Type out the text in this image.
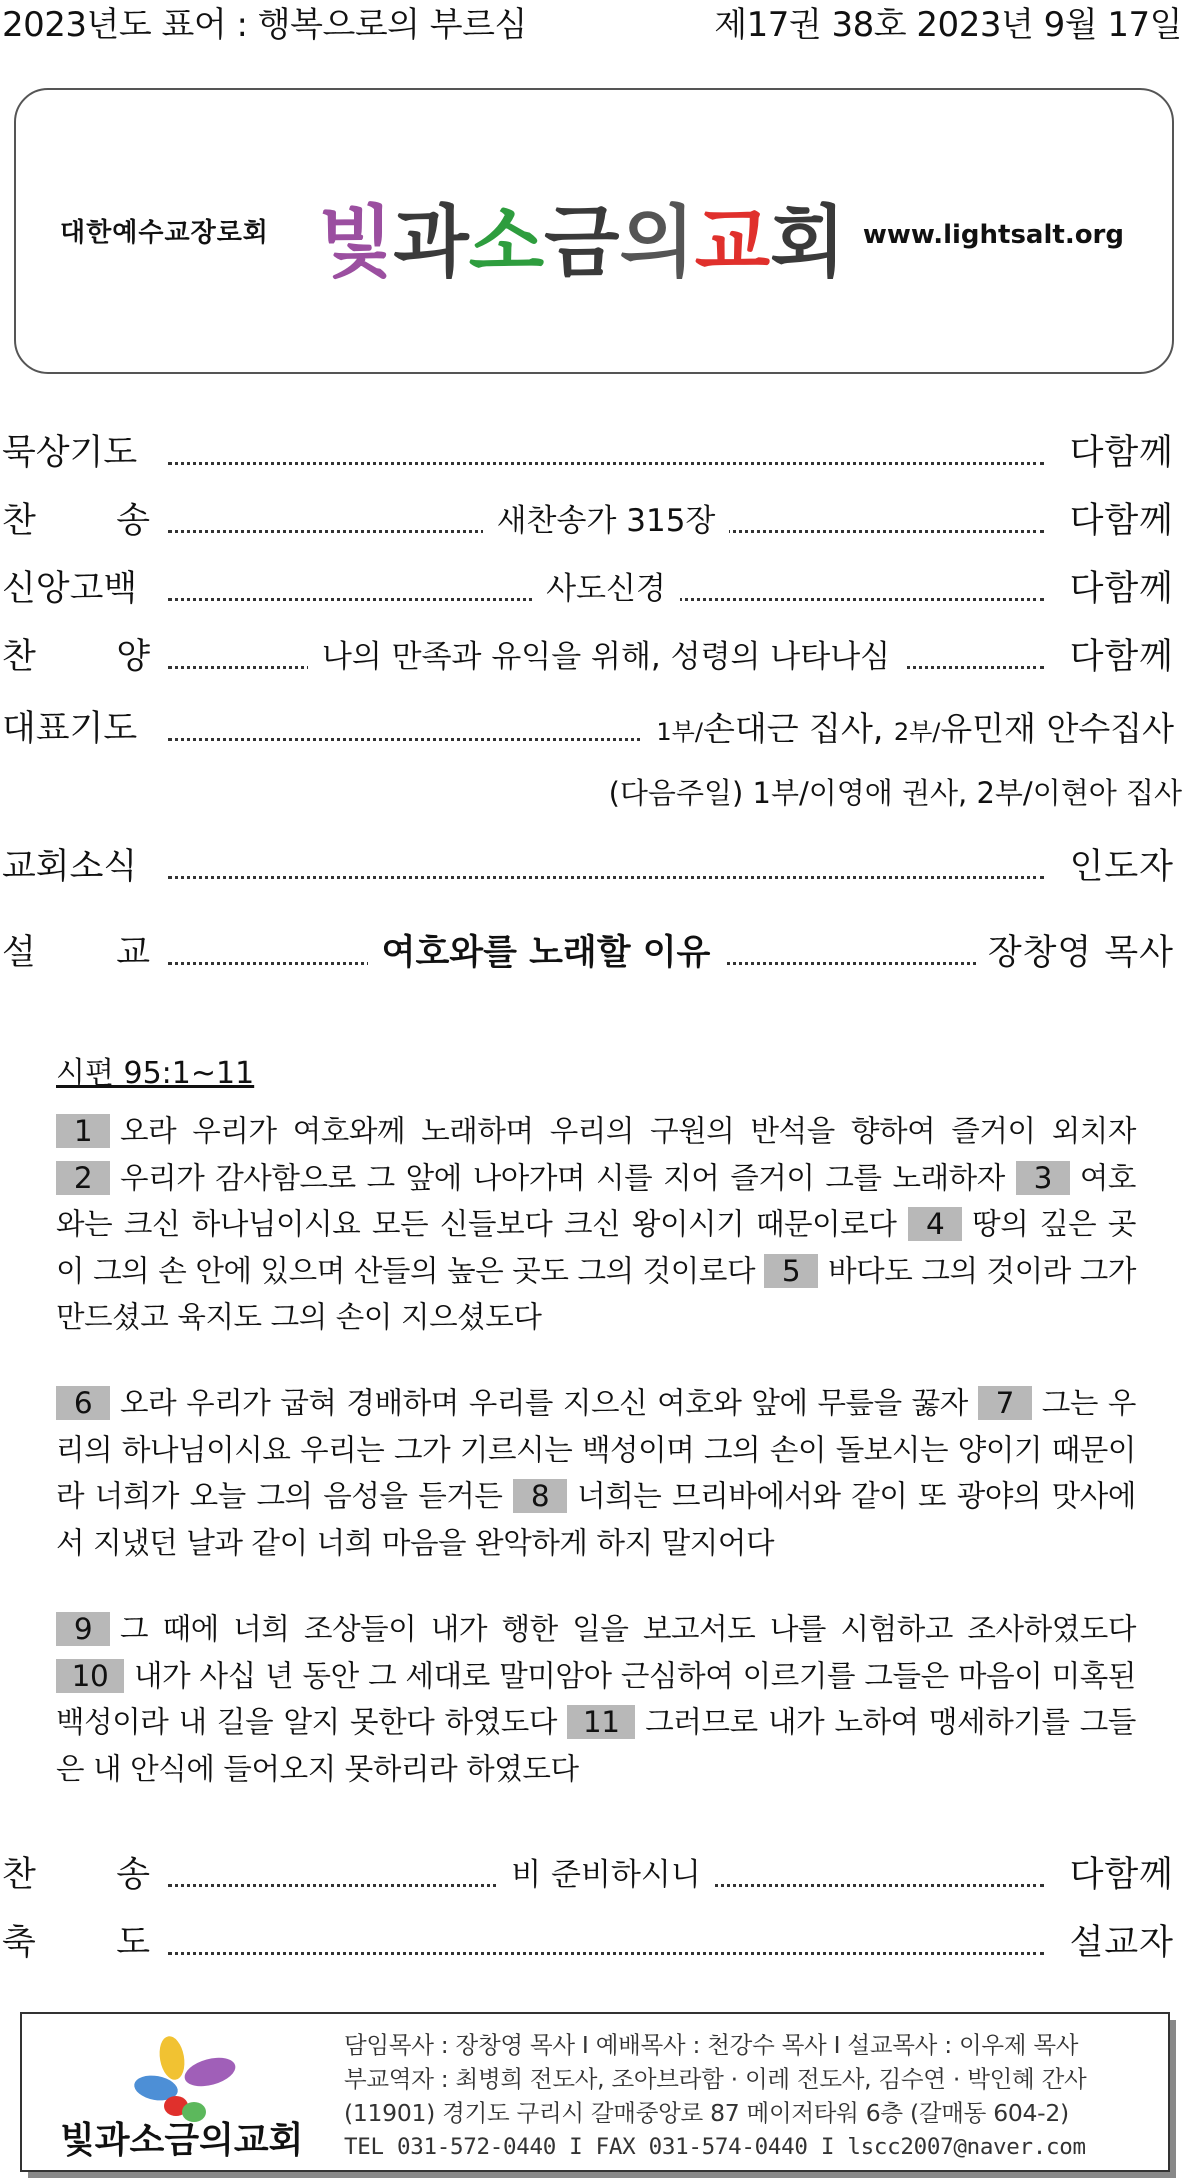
2023년도 표어 : 행복으로의 부르심	제17권 38호 2023년 9월 17일
대한예수교장로회 빛과소금의교회 www.lightsalt.org
묵상기도	다함께
찬 송	새찬송가 315장	다함께
신앙고백	사도신경	다함께
찬 양	나의 만족과 유익을 위해, 성령의 나타나심	다함께
대표기도	1부/손대근 집사, 2부/유민재 안수집사
(다음주일) 1부/이영애 권사, 2부/이현아 집사
교회소식	인도자
설 교	여호와를 노래할 이유	장창영 목사
시편 95:1~11
1 오라 우리가 여호와께 노래하며 우리의 구원의 반석을 향하여 즐거이 외치자 2 우리가 감사함으로 그 앞에 나아가며 시를 지어 즐거이 그를 노래하자 3 여호와는 크신 하나님이시요 모든 신들보다 크신 왕이시기 때문이로다 4 땅의 깊은 곳이 그의 손 안에 있으며 산들의 높은 곳도 그의 것이로다 5 바다도 그의 것이라 그가 만드셨고 육지도 그의 손이 지으셨도다
6 오라 우리가 굽혀 경배하며 우리를 지으신 여호와 앞에 무릎을 꿇자 7 그는 우리의 하나님이시요 우리는 그가 기르시는 백성이며 그의 손이 돌보시는 양이기 때문이라 너희가 오늘 그의 음성을 듣거든 8 너희는 므리바에서와 같이 또 광야의 맛사에서 지냈던 날과 같이 너희 마음을 완악하게 하지 말지어다
9 그 때에 너희 조상들이 내가 행한 일을 보고서도 나를 시험하고 조사하였도다 10 내가 사십 년 동안 그 세대로 말미암아 근심하여 이르기를 그들은 마음이 미혹된 백성이라 내 길을 알지 못한다 하였도다 11 그러므로 내가 노하여 맹세하기를 그들은 내 안식에 들어오지 못하리라 하였도다
찬 송	비 준비하시니	다함께
축 도	설교자
빛과소금의교회
담임목사 : 장창영 목사 I 예배목사 : 천강수 목사 I 설교목사 : 이우제 목사
부교역자 : 최병희 전도사, 조아브라함 · 이레 전도사, 김수연 · 박인혜 간사
(11901) 경기도 구리시 갈매중앙로 87 메이저타워 6층 (갈매동 604-2)
TEL 031-572-0440 I FAX 031-574-0440 I lscc2007@naver.com
